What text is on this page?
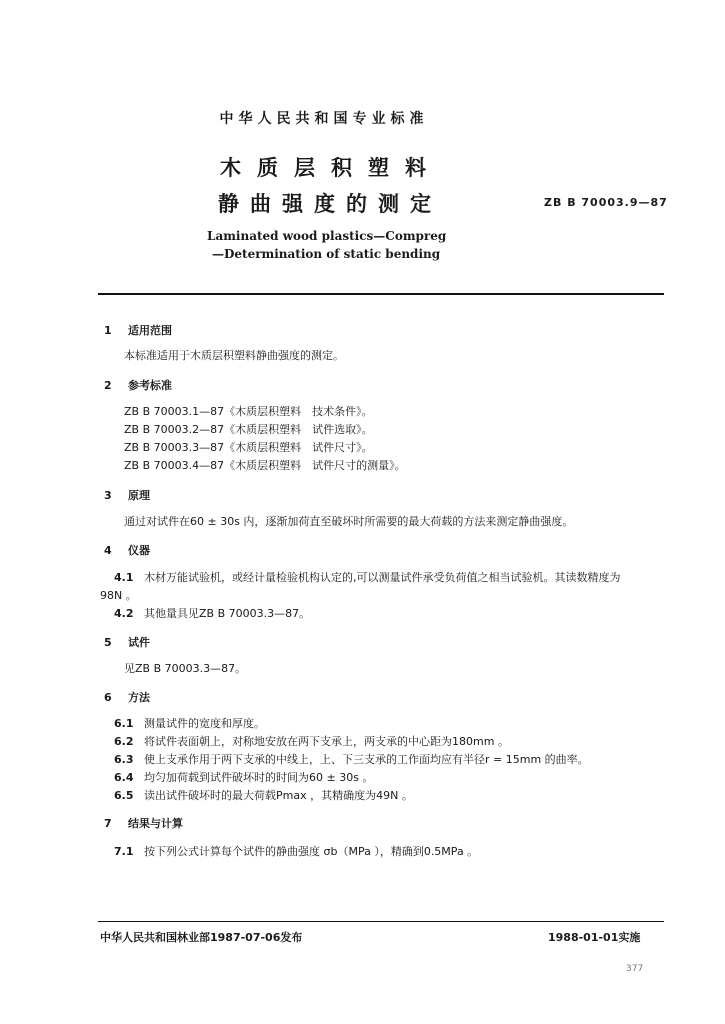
中华人民共和国专业标准
木质层积塑料
静曲强度的测定	ZB B 70003.9—87
Laminated wood plastics—Compreg
—Determination of static bending
1 适用范围
本标准适用于木质层积塑料静曲强度的测定。
2 参考标准
ZB B 70003.1—87《木质层积塑料　技术条件》。
ZB B 70003.2—87《木质层积塑料　试件选取》。
ZB B 70003.3—87《木质层积塑料　试件尺寸》。
ZB B 70003.4—87《木质层积塑料　试件尺寸的测量》。
3 原理
通过对试件在60 ± 30s 内，逐渐加荷直至破坏时所需要的最大荷载的方法来测定静曲强度。
4 仪器
4.1 木材万能试验机，或经计量检验机构认定的,可以测量试件承受负荷值之相当试验机。其读数精度为
98N 。
4.2 其他量具见ZB B 70003.3—87。
5 试件
见ZB B 70003.3—87。
6 方法
6.1 测量试件的宽度和厚度。
6.2 将试件表面朝上，对称地安放在两下支承上，两支承的中心距为180mm 。
6.3 使上支承作用于两下支承的中线上，上、下三支承的工作面均应有半径r = 15mm 的曲率。
6.4 均匀加荷载到试件破坏时的时间为60 ± 30s 。
6.5 读出试件破坏时的最大荷载Pmax ，其精确度为49N 。
7 结果与计算
7.1 按下列公式计算每个试件的静曲强度 σb（MPa ），精确到0.5MPa 。
中华人民共和国林业部1987-07-06发布	1988-01-01实施
377
